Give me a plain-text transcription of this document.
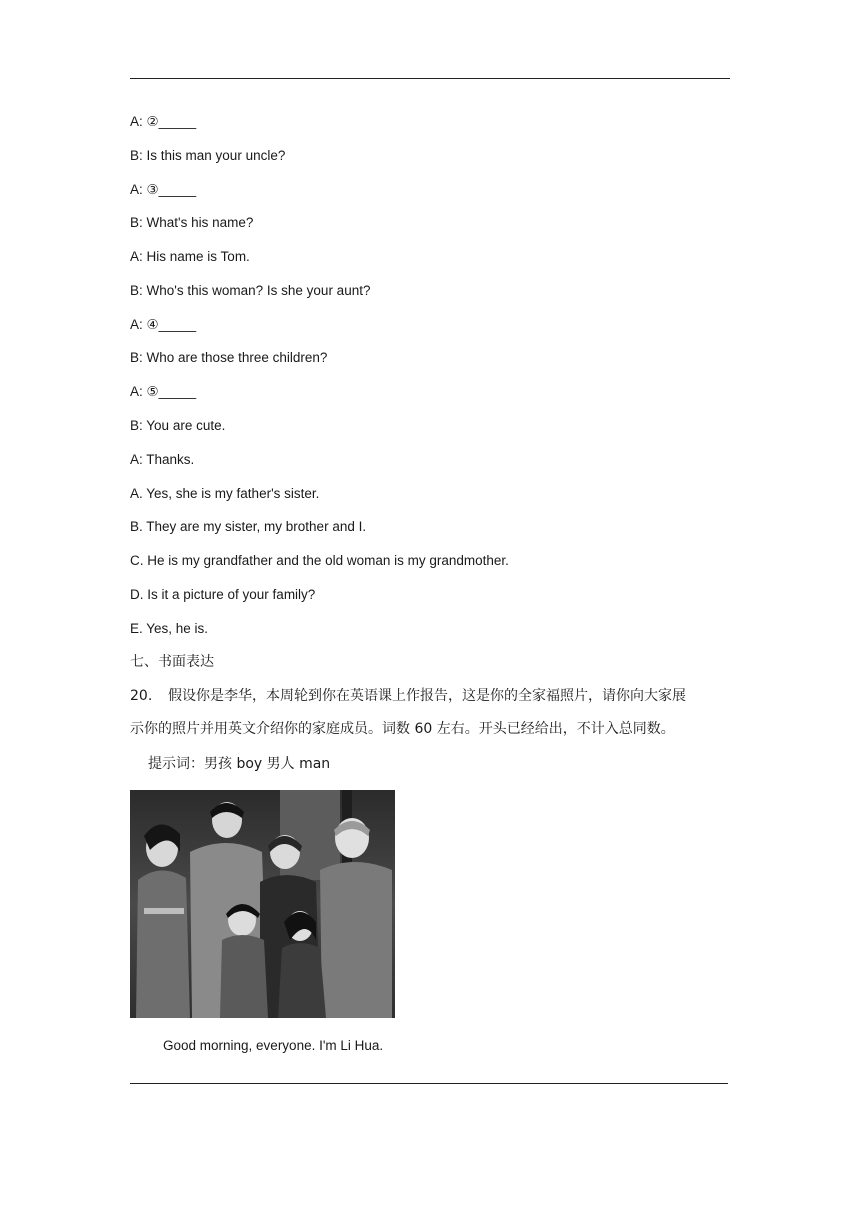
A: ②_____
B: Is this man your uncle?
A: ③_____
B: What's his name?
A: His name is Tom.
B: Who's this woman? Is she your aunt?
A: ④_____
B: Who are those three children?
A: ⑤_____
B: You are cute.
A: Thanks.
A. Yes, she is my father's sister.
B. They are my sister, my brother and I.
C. He is my grandfather and the old woman is my grandmother.
D. Is it a picture of your family?
E. Yes, he is.
七、书面表达
20. 假设你是李华，本周轮到你在英语课上作报告，这是你的全家福照片，请你向大家展
示你的照片并用英文介绍你的家庭成员。词数 60 左右。开头已经给出，不计入总同数。
提示词：男孩 boy 男人 man
Good morning, everyone. I'm Li Hua.
